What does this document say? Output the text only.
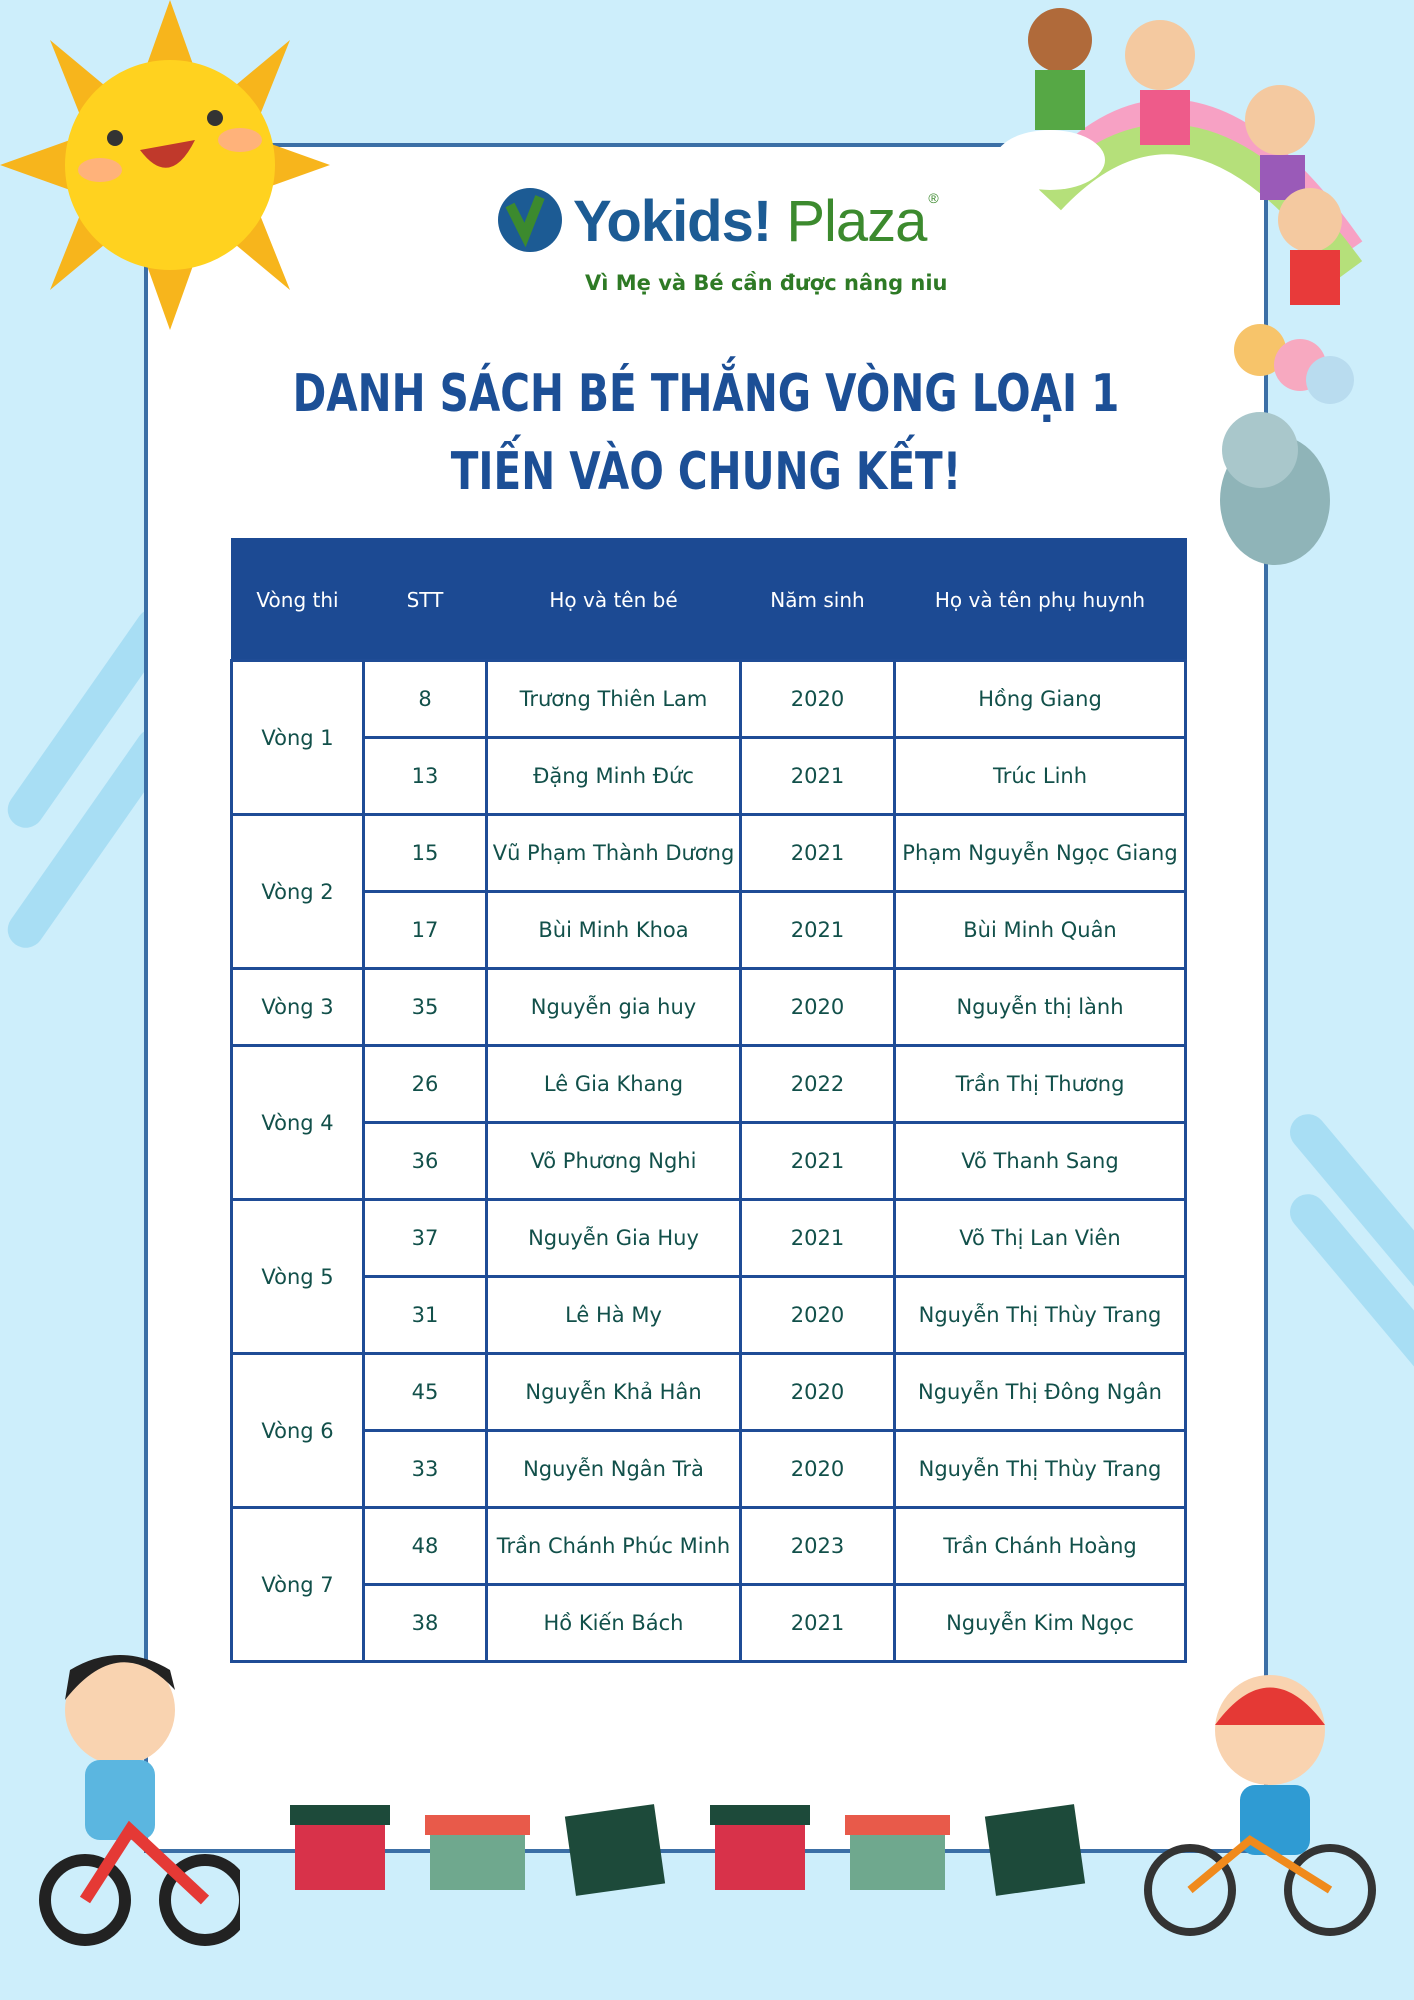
Yokids! Plaza ®
Vì Mẹ và Bé cần được nâng niu
DANH SÁCH BÉ THẮNG VÒNG LOẠI 1
TIẾN VÀO CHUNG KẾT!
Vòng thi	STT	Họ và tên bé	Năm sinh	Họ và tên phụ huynh
Vòng 1	8	Trương Thiên Lam	2020	Hồng Giang
	13	Đặng Minh Đức	2021	Trúc Linh
Vòng 2	15	Vũ Phạm Thành Dương	2021	Phạm Nguyễn Ngọc Giang
	17	Bùi Minh Khoa	2021	Bùi Minh Quân
Vòng 3	35	Nguyễn gia huy	2020	Nguyễn thị lành
Vòng 4	26	Lê Gia Khang	2022	Trần Thị Thương
	36	Võ Phương Nghi	2021	Võ Thanh Sang
Vòng 5	37	Nguyễn Gia Huy	2021	Võ Thị Lan Viên
	31	Lê Hà My	2020	Nguyễn Thị Thùy Trang
Vòng 6	45	Nguyễn Khả Hân	2020	Nguyễn Thị Đông Ngân
	33	Nguyễn Ngân Trà	2020	Nguyễn Thị Thùy Trang
Vòng 7	48	Trần Chánh Phúc Minh	2023	Trần Chánh Hoàng
	38	Hồ Kiến Bách	2021	Nguyễn Kim Ngọc
